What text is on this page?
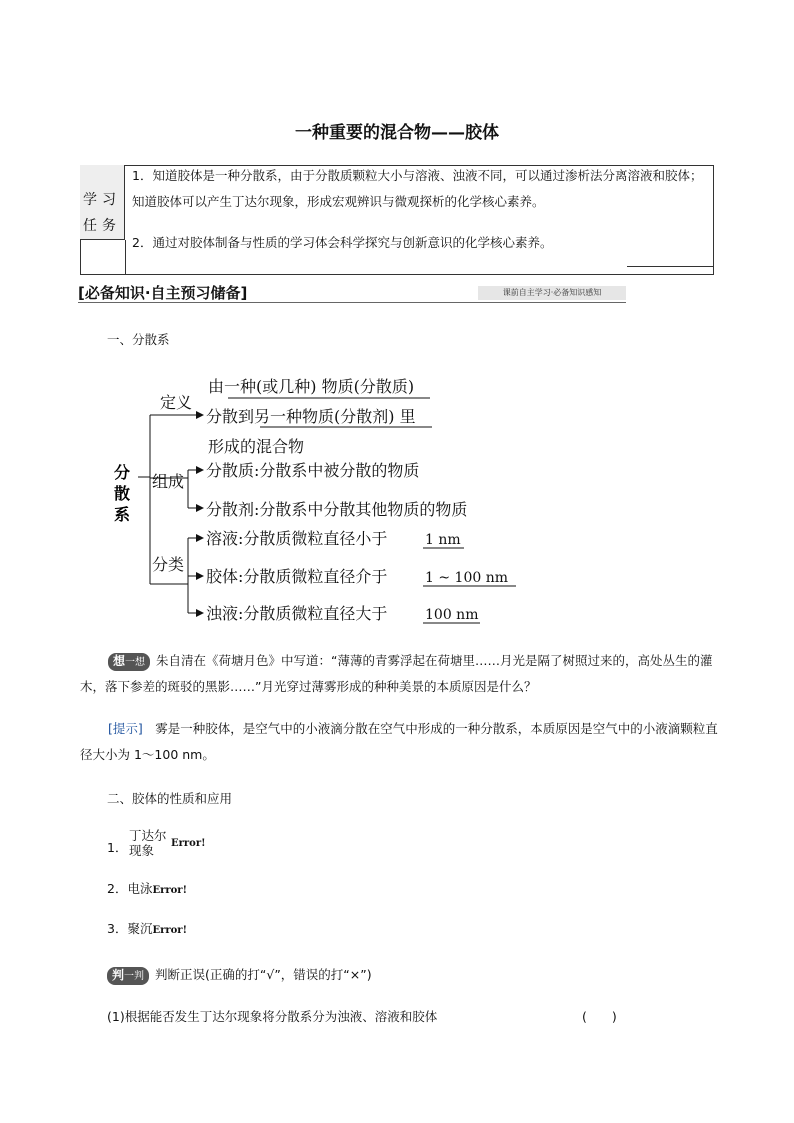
一种重要的混合物——胶体
学习任务
1．知道胶体是一种分散系，由于分散质颗粒大小与溶液、浊液不同，可以通过渗析法分离溶液和胶体；知道胶体可以产生丁达尔现象，形成宏观辨识与微观探析的化学核心素养。
2．通过对胶体制备与性质的学习体会科学探究与创新意识的化学核心素养。
[必备知识·自主预习储备]	课前自主学习·必备知识感知
一、分散系
分
散
系
定义
由一种(或几种) 物质(分散质)
分散到另一种物质(分散剂) 里
形成的混合物
组成
分散质:分散系中被分散的物质
分散剂:分散系中分散其他物质的物质
分类
溶液:分散质微粒直径小于	1 nm
胶体:分散质微粒直径介于	1 ~ 100 nm
浊液:分散质微粒直径大于	100 nm
想一想 朱自清在《荷塘月色》中写道：“薄薄的青雾浮起在荷塘里……月光是隔了树照过来的，高处丛生的灌木，落下参差的斑驳的黑影……”月光穿过薄雾形成的种种美景的本质原因是什么？
[提示]　 雾是一种胶体，是空气中的小液滴分散在空气中形成的一种分散系，本质原因是空气中的小液滴颗粒直径大小为 1～100 nm。
二、胶体的性质和应用
1．
丁达尔
现象 Error!
2．电泳Error!
3．聚沉Error!
判一判 判断正误(正确的打“√”，错误的打“×”)
(1)根据能否发生丁达尔现象将分散系分为浊液、溶液和胶体	(　　)
